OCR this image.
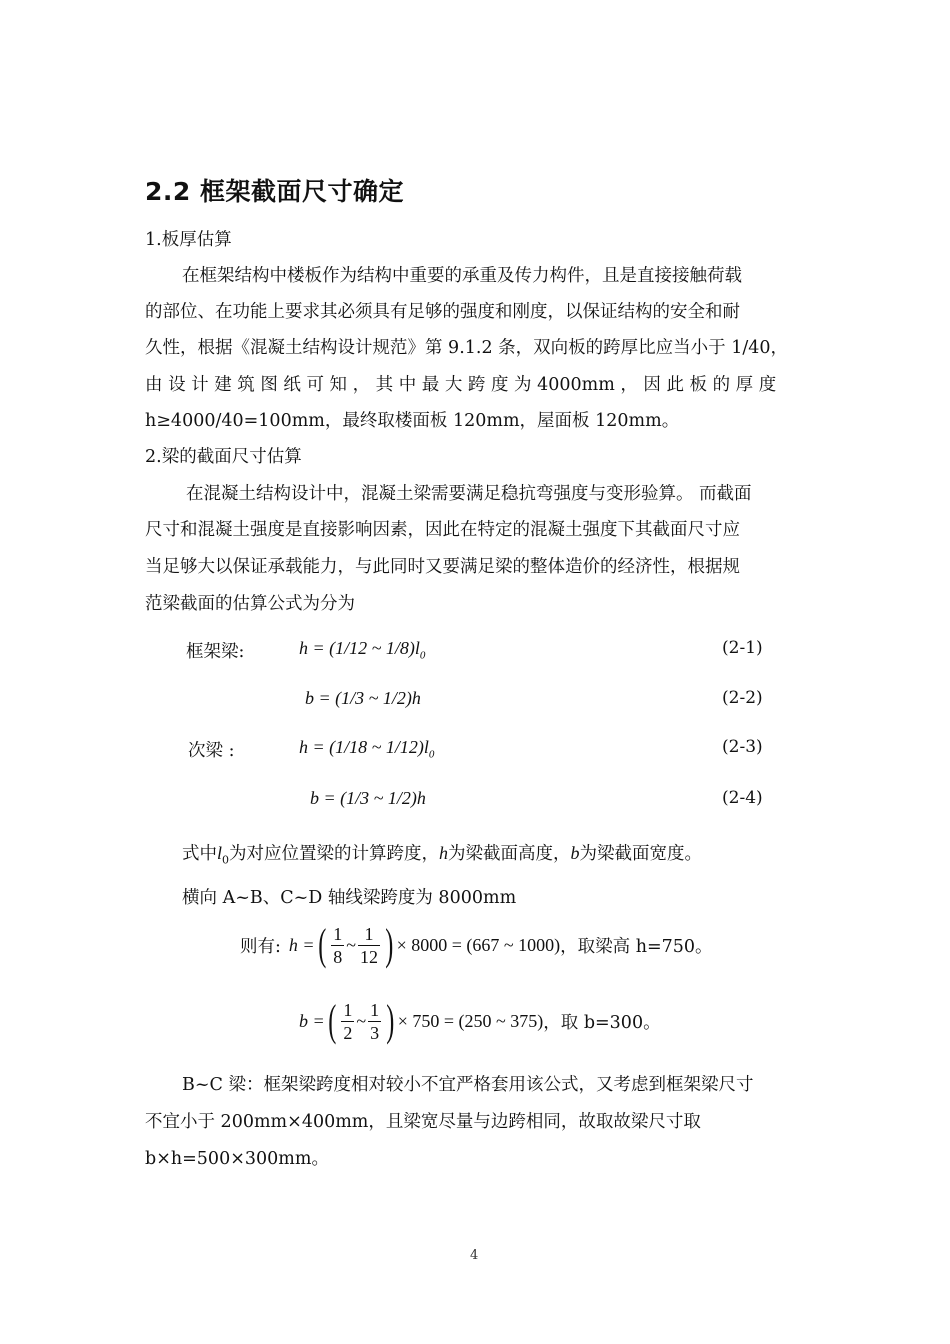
2.2 框架截面尺寸确定
1.板厚估算
在框架结构中楼板作为结构中重要的承重及传力构件，且是直接接触荷载
的部位、在功能上要求其必须具有足够的强度和刚度，以保证结构的安全和耐
久性，根据《混凝土结构设计规范》第 9.1.2 条，双向板的跨厚比应当小于 1/40，
由 设 计 建 筑 图 纸 可 知 ， 其 中 最 大 跨 度 为 4000mm ， 因 此 板 的 厚 度
h≥4000/40=100mm，最终取楼面板 120mm，屋面板 120mm。
2.梁的截面尺寸估算
在混凝土结构设计中，混凝土梁需要满足稳抗弯强度与变形验算。 而截面
尺寸和混凝土强度是直接影响因素，因此在特定的混凝土强度下其截面尺寸应
当足够大以保证承载能力，与此同时又要满足梁的整体造价的经济性，根据规
范梁截面的估算公式为分为
框架梁:	h = (1/12 ~ $1/8)l_0$	(2-1)
b = (1/3 ~ 1/2)h	(2-2)
次梁 :	h = (1/18 ~ $1/12)l_0$	(2-3)
b = (1/3 ~ 1/2)h	(2-4)
式中$l_0$为对应位置梁的计算跨度，h为梁截面高度，b为梁截面宽度。
横向 A~B、C~D 轴线梁跨度为 8000mm
则有: h = ( $\frac{1}{8}$ ~ $\frac{1}{12}$ ) × 8000 = (667 ~ 1000) ，取梁高 h=750。
b = ( $\frac{1}{2}$ ~ $\frac{1}{3}$ ) × 750 = (250 ~ 375) ，取 b=300。
B~C 梁：框架梁跨度相对较小不宜严格套用该公式，又考虑到框架梁尺寸
不宜小于 200mm×400mm，且梁宽尽量与边跨相同，故取故梁尺寸取
b×h=500×300mm。
4
